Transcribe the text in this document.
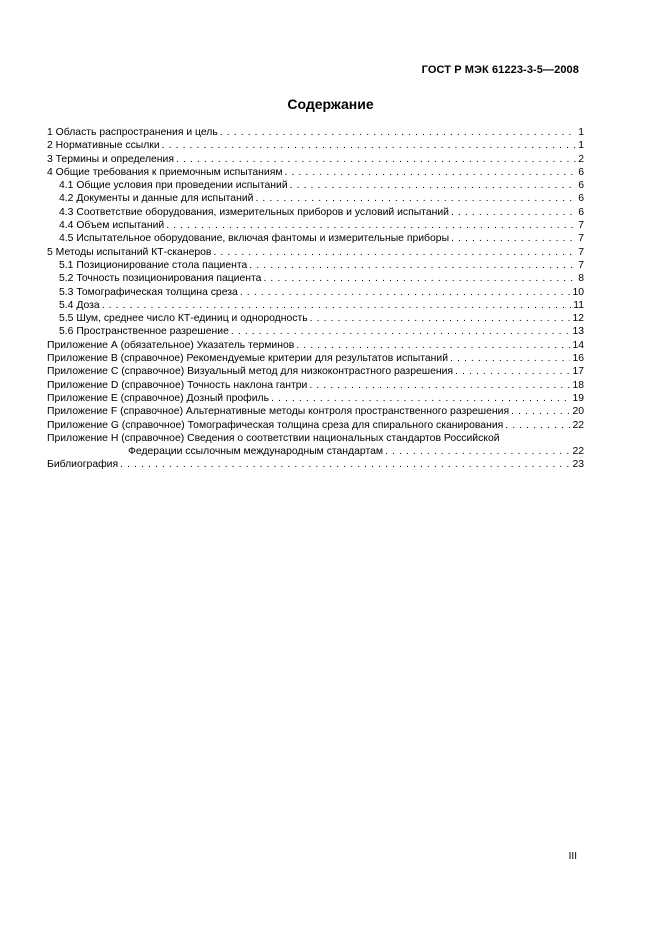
ГОСТ Р МЭК 61223-3-5—2008
Содержание
1 Область распространения и цель . . .	1
2 Нормативные ссылки . . .	1
3 Термины и определения . . .	2
4 Общие требования к приемочным испытаниям . . .	6
4.1 Общие условия при проведении испытаний . . .	6
4.2 Документы и данные для испытаний . . .	6
4.3 Соответствие оборудования, измерительных приборов и условий испытаний . . .	6
4.4 Объем испытаний . . .	7
4.5 Испытательное оборудование, включая фантомы и измерительные приборы . . .	7
5 Методы испытаний КТ-сканеров . . .	7
5.1 Позиционирование стола пациента . . .	7
5.2 Точность позиционирования пациента . . .	8
5.3 Томографическая толщина среза . . .	10
5.4 Доза . . .	11
5.5 Шум, среднее число КТ-единиц и однородность . . .	12
5.6 Пространственное разрешение . . .	13
Приложение А (обязательное) Указатель терминов . . .	14
Приложение В (справочное) Рекомендуемые критерии для результатов испытаний . . .	16
Приложение С (справочное) Визуальный метод для низкоконтрастного разрешения . . .	17
Приложение D (справочное) Точность наклона гантри . . .	18
Приложение Е (справочное) Дозный профиль . . .	19
Приложение F (справочное) Альтернативные методы контроля пространственного разрешения . . .	20
Приложение G (справочное) Томографическая толщина среза для спирального сканирования . . .	22
Приложение Н (справочное) Сведения о соответствии национальных стандартов Российской
Федерации ссылочным международным стандартам . . .	22
Библиография . . .	23
III
